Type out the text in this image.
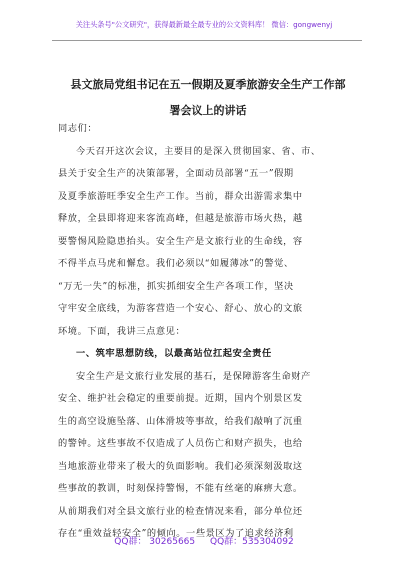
关注头条号"公文研究"，获得最新最全最专业的公文资料库！ 微信：gongwenyj
县文旅局党组书记在五一假期及夏季旅游安全生产工作部
署会议上的讲话
同志们：
今天召开这次会议，主要目的是深入贯彻国家、省、市、
县关于安全生产的决策部署，全面动员部署“五一”假期
及夏季旅游旺季安全生产工作。当前，群众出游需求集中
释放，全县即将迎来客流高峰，但越是旅游市场火热，越
要警惕风险隐患抬头。安全生产是文旅行业的生命线，容
不得半点马虎和懈怠。我们必须以“如履薄冰”的警觉、
“万无一失”的标准，抓实抓细安全生产各项工作，坚决
守牢安全底线，为游客营造一个安心、舒心、放心的文旅
环境。下面，我讲三点意见：
一、筑牢思想防线，以最高站位扛起安全责任
安全生产是文旅行业发展的基石，是保障游客生命财产
安全、维护社会稳定的重要前提。近期，国内个别景区发
生的高空设施坠落、山体滑坡等事故，给我们敲响了沉重
的警钟。这些事故不仅造成了人员伤亡和财产损失，也给
当地旅游业带来了极大的负面影响。我们必须深刻汲取这
些事故的教训，时刻保持警惕，不能有丝毫的麻痹大意。
从前期我们对全县文旅行业的检查情况来看，部分单位还
存在“重效益轻安全”的倾向。一些景区为了追求经济利
QQ群： 30265665 QQ群：535304092
